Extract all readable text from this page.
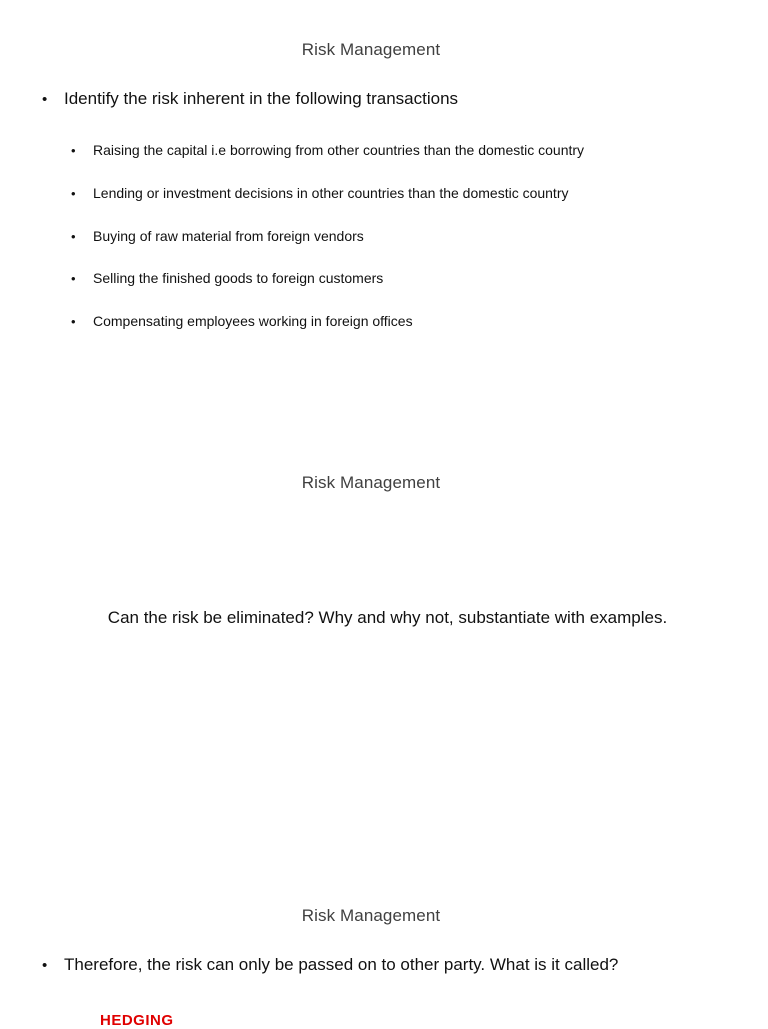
Risk Management
• Identify the risk inherent in the following transactions
•	Raising the capital i.e borrowing from other countries than the domestic country
•	Lending or investment decisions in other countries than the domestic country
•	Buying of raw material from foreign vendors
•	Selling the finished goods to foreign customers
•	Compensating employees working in foreign offices
Risk Management
Can the risk be eliminated? Why and why not, substantiate with examples.
Risk Management
• Therefore, the risk can only be passed on to other party. What is it called?
HEDGING
